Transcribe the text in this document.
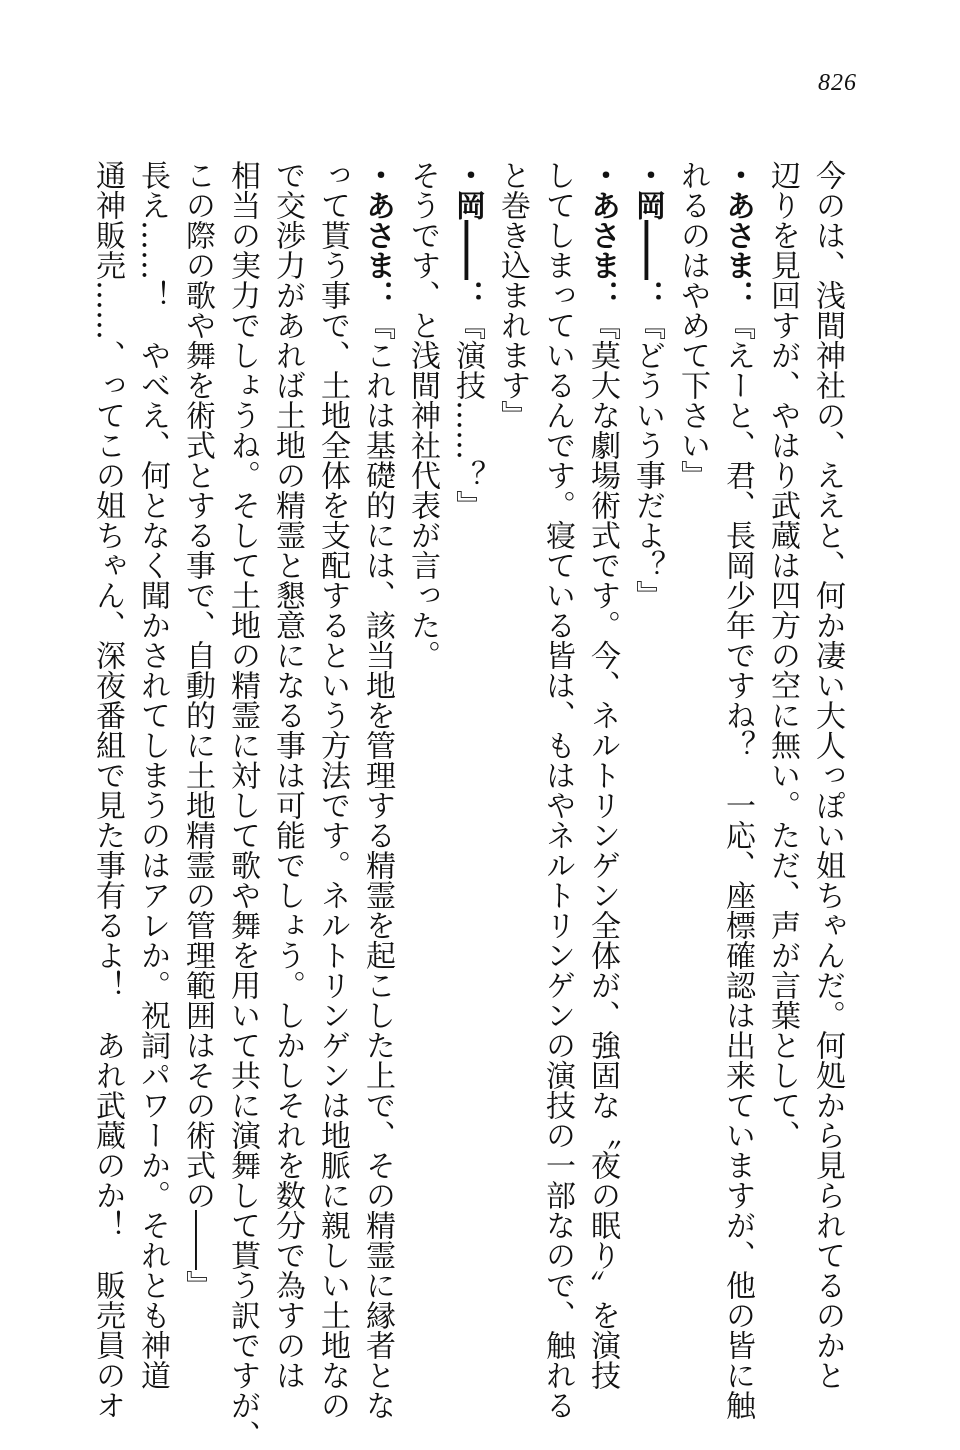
826
今のは、浅間神社の、ええと、何か凄い大人っぽい姐ちゃんだ。何処から見られてるのかと
辺りを見回すが、やはり武蔵は四方の空に無い。ただ、声が言葉として、
・あさま：『えーと、君、長岡少年ですね？　一応、座標確認は出来ていますが、他の皆に触
れるのはやめて下さい』
・岡――：『どういう事だよ？』
・あさま：『莫大な劇場術式です。今、ネルトリンゲン全体が、強固な〝夜の眠り〟を演技
してしまっているんです。寝ている皆は、もはやネルトリンゲンの演技の一部なので、触れる
と巻き込まれます』
・岡――：『演技……？』
そうです、と浅間神社代表が言った。
・あさま：『これは基礎的には、該当地を管理する精霊を起こした上で、その精霊に縁者とな
って貰う事で、土地全体を支配するという方法です。ネルトリンゲンは地脈に親しい土地なの
で交渉力があれば土地の精霊と懇意になる事は可能でしょう。しかしそれを数分で為すのは
相当の実力でしょうね。そして土地の精霊に対して歌や舞を用いて共に演舞して貰う訳ですが、
この際の歌や舞を術式とする事で、自動的に土地精霊の管理範囲はその術式の――』
長え……！　やべえ、何となく聞かされてしまうのはアレか。祝詞パワーか。それとも神道
通神販売……、ってこの姐ちゃん、深夜番組で見た事有るよ！　あれ武蔵のか！　販売員のオ
